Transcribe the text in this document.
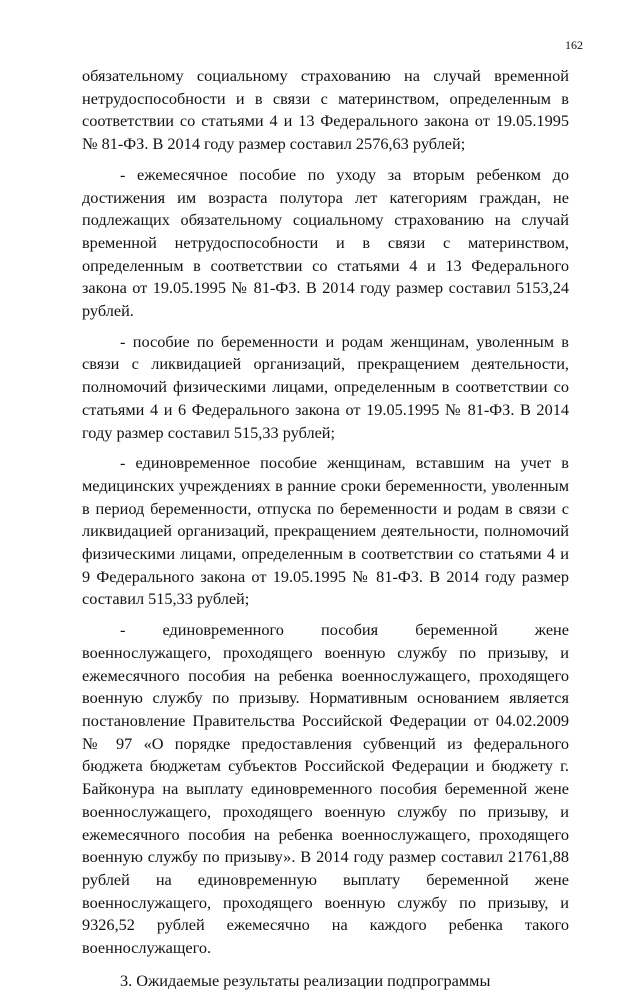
162

обязательному социальному страхованию на случай временной нетрудоспособности и в связи с материнством, определенным в соответствии со статьями 4 и 13 Федерального закона от 19.05.1995 № 81-ФЗ. В 2014 году размер составил 2576,63 рублей;

- ежемесячное пособие по уходу за вторым ребенком до достижения им возраста полутора лет категориям граждан, не подлежащих обязательному социальному страхованию на случай временной нетрудоспособности и в связи с материнством, определенным в соответствии со статьями 4 и 13 Федерального закона от 19.05.1995 № 81-ФЗ. В 2014 году размер составил 5153,24 рублей.

- пособие по беременности и родам женщинам, уволенным в связи с ликвидацией организаций, прекращением деятельности, полномочий физическими лицами, определенным в соответствии со статьями 4 и 6 Федерального закона от 19.05.1995 № 81-ФЗ. В 2014 году размер составил 515,33 рублей;

- единовременное пособие женщинам, вставшим на учет в медицинских учреждениях в ранние сроки беременности, уволенным в период беременности, отпуска по беременности и родам в связи с ликвидацией организаций, прекращением деятельности, полномочий физическими лицами, определенным в соответствии со статьями 4 и 9 Федерального закона от 19.05.1995 № 81-ФЗ. В 2014 году размер составил 515,33 рублей;

- единовременного пособия беременной жене военнослужащего, проходящего военную службу по призыву, и ежемесячного пособия на ребенка военнослужащего, проходящего военную службу по призыву. Нормативным основанием является постановление Правительства Российской Федерации от 04.02.2009 № 97 «О порядке предоставления субвенций из федерального бюджета бюджетам субъектов Российской Федерации и бюджету г. Байконура на выплату единовременного пособия беременной жене военнослужащего, проходящего военную службу по призыву, и ежемесячного пособия на ребенка военнослужащего, проходящего военную службу по призыву». В 2014 году размер составил 21761,88 рублей на единовременную выплату беременной жене военнослужащего, проходящего военную службу по призыву, и 9326,52 рублей ежемесячно на каждого ребенка такого военнослужащего.

3. Ожидаемые результаты реализации подпрограммы
